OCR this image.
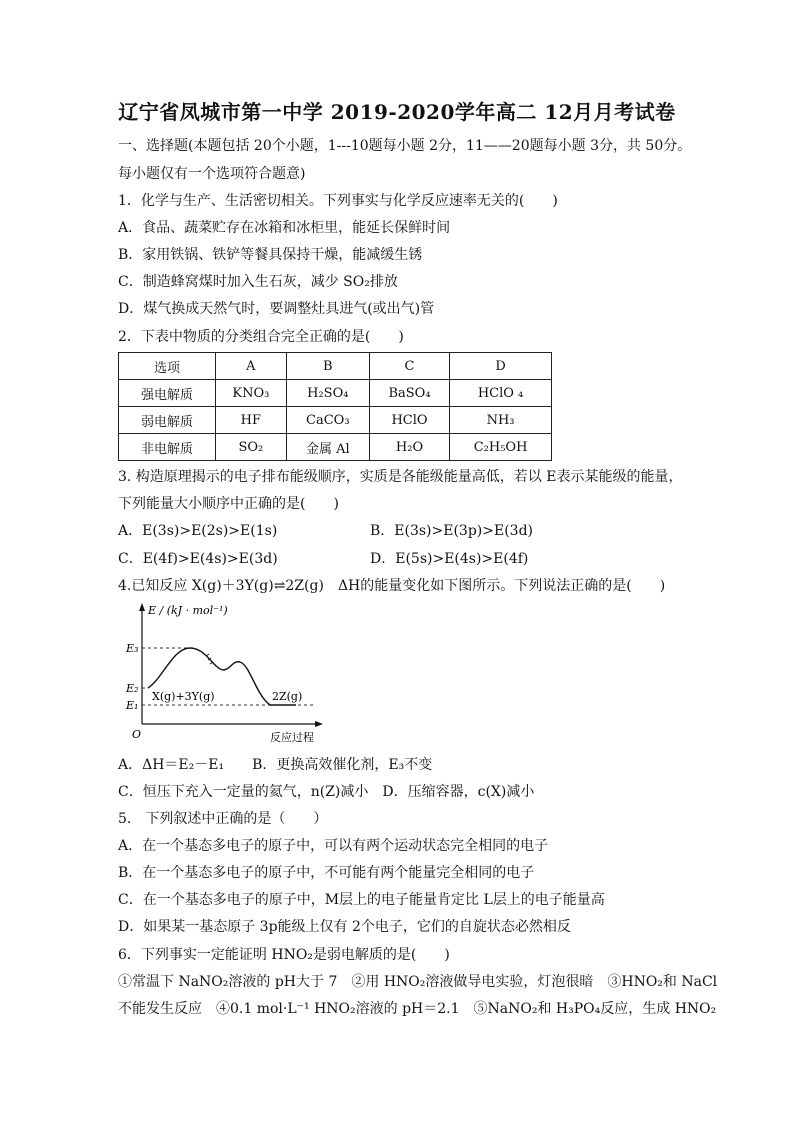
辽宁省凤城市第一中学 2019-2020学年高二 12月月考试卷
一、选择题(本题包括 20个小题，1---10题每小题 2分，11——20题每小题 3分，共 50分。
每小题仅有一个选项符合题意)
1．化学与生产、生活密切相关。下列事实与化学反应速率无关的(　　)
A．食品、蔬菜贮存在冰箱和冰柜里，能延长保鲜时间
B．家用铁锅、铁铲等餐具保持干燥，能减缓生锈
C．制造蜂窝煤时加入生石灰，减少 SO₂排放
D．煤气换成天然气时，要调整灶具进气(或出气)管
2．下表中物质的分类组合完全正确的是(　　)
选项	A	B	C	D
强电解质	KNO₃	H₂SO₄	BaSO₄	HClO ₄
弱电解质	HF	CaCO₃	HClO	NH₃
非电解质	SO₂	金属 Al	H₂O	C₂H₅OH
3. 构造原理揭示的电子排布能级顺序，实质是各能级能量高低，若以 E表示某能级的能量，
下列能量大小顺序中正确的是(　　)
A．E(3s)>E(2s)>E(1s)	B．E(3s)>E(3p)>E(3d)
C．E(4f)>E(4s)>E(3d)	D．E(5s)>E(4s)>E(4f)
4.已知反应 X(g)＋3Y(g)⇌2Z(g)　ΔH的能量变化如下图所示。下列说法正确的是(　　)
E / (kJ · mol⁻¹)
E₃
E₂
E₁
X(g)+3Y(g)	2Z(g)
O	反应过程
A．ΔH＝E₂－E₁　　B．更换高效催化剂，E₃不变
C．恒压下充入一定量的氦气，n(Z)减小　D．压缩容器，c(X)减小
5.　下列叙述中正确的是（　　）
A．在一个基态多电子的原子中，可以有两个运动状态完全相同的电子
B．在一个基态多电子的原子中，不可能有两个能量完全相同的电子
C．在一个基态多电子的原子中，M层上的电子能量肯定比 L层上的电子能量高
D．如果某一基态原子 3p能级上仅有 2个电子，它们的自旋状态必然相反
6．下列事实一定能证明 HNO₂是弱电解质的是(　　)
①常温下 NaNO₂溶液的 pH大于 7　②用 HNO₂溶液做导电实验，灯泡很暗　③HNO₂和 NaCl
不能发生反应　④0.1 mol·L⁻¹ HNO₂溶液的 pH＝2.1　⑤NaNO₂和 H₃PO₄反应，生成 HNO₂
